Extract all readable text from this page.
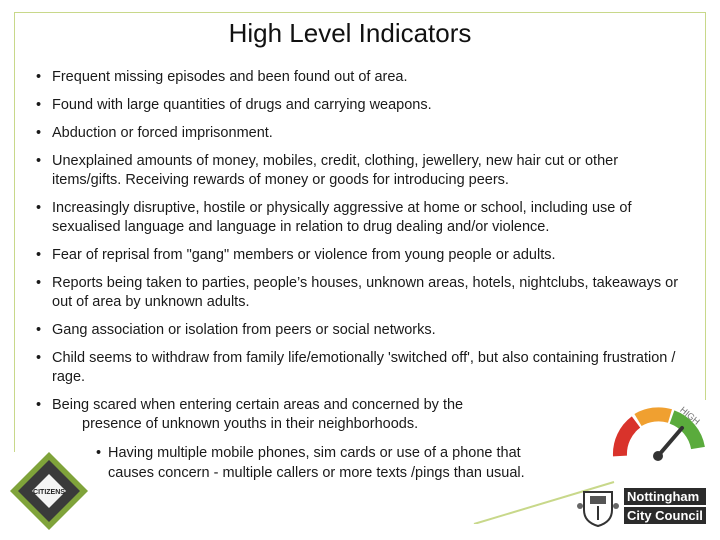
High Level Indicators
• Frequent missing episodes and been found out of area.
• Found with large quantities of drugs and carrying weapons.
• Abduction or forced imprisonment.
• Unexplained amounts of money, mobiles, credit, clothing, jewellery, new hair cut or other items/gifts. Receiving rewards of money or goods for introducing peers.
• Increasingly disruptive, hostile or physically aggressive at home or school, including use of sexualised language and language in relation to drug dealing and/or violence.
• Fear of reprisal from "gang" members or violence from young people or adults.
• Reports being taken to parties, people’s houses, unknown areas, hotels, nightclubs, takeaways or out of area by unknown adults.
• Gang association or isolation from peers or social networks.
• Child seems to withdraw from family life/emotionally 'switched off', but also containing frustration / rage.
• Being scared when entering certain areas and concerned by the
presence of unknown youths in their neighborhoods.
• Having multiple mobile phones, sim cards or use of a phone that causes concern - multiple callers or more texts /pings than usual.
CITIZENS
HIGH
Nottingham
City Council
